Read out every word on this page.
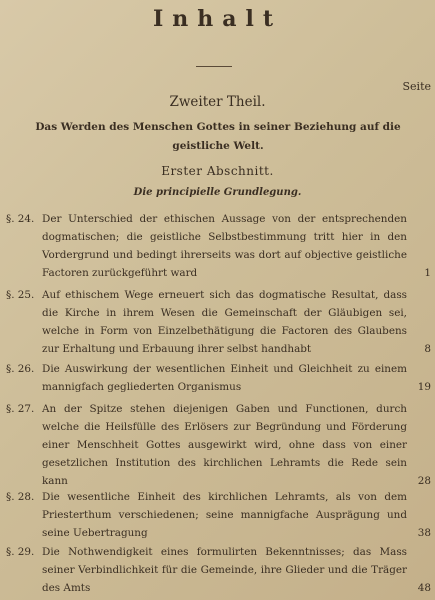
Inhalt
Seite
Zweiter Theil.
Das Werden des Menschen Gottes in seiner Beziehung auf die geistliche Welt.
Erster Abschnitt.
Die principielle Grundlegung.
§. 24. Der Unterschied der ethischen Aussage von der entsprechenden dogmatischen; die geistliche Selbstbestimmung tritt hier in den Vordergrund und bedingt ihrerseits was dort auf objective geistliche Factoren zurückgeführt ward	1
§. 25. Auf ethischem Wege erneuert sich das dogmatische Resultat, dass die Kirche in ihrem Wesen die Gemeinschaft der Gläubigen sei, welche in Form von Einzelbethätigung die Factoren des Glaubens zur Erhaltung und Erbauung ihrer selbst handhabt	8
§. 26. Die Auswirkung der wesentlichen Einheit und Gleichheit zu einem mannigfach gegliederten Organismus	19
§. 27. An der Spitze stehen diejenigen Gaben und Functionen, durch welche die Heilsfülle des Erlösers zur Begründung und Förderung einer Menschheit Gottes ausgewirkt wird, ohne dass von einer gesetzlichen Institution des kirchlichen Lehramts die Rede sein kann	28
§. 28. Die wesentliche Einheit des kirchlichen Lehramts, als von dem Priesterthum verschiedenen; seine mannigfache Ausprägung und seine Uebertragung	38
§. 29. Die Nothwendigkeit eines formulirten Bekenntnisses; das Mass seiner Verbindlichkeit für die Gemeinde, ihre Glieder und die Träger des Amts	48
